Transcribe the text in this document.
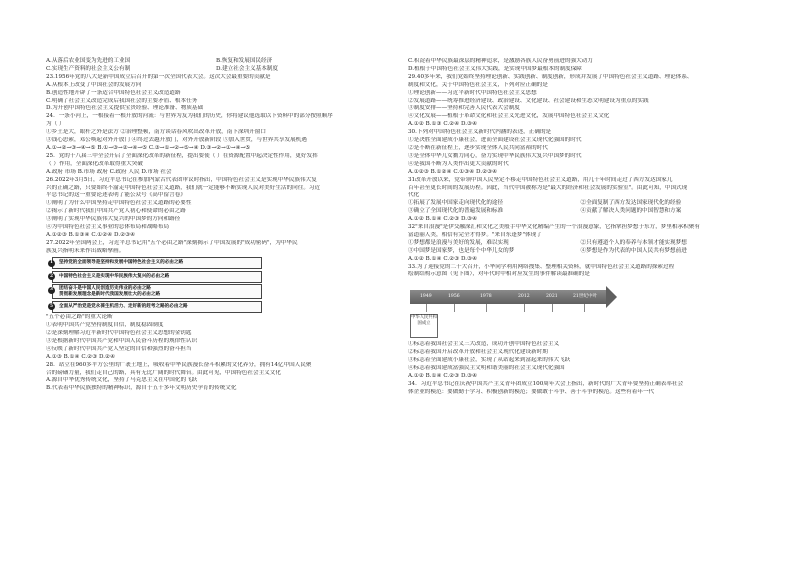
A.从落后农业国变为先进的工业国	B.恢复和发展国民经济
C.实现生产资料的社会主义公有制	D.建立社会主义基本制度
23.1956年党的八大是新中国成立后召开的第一次全国代表大会。这次大会最重要的贡献是
A.从根本上改变了中国社会的发展方向
B.创造性地开辟了一条适合中国特色社会主义改造道路
C.明确了社会主义改造完成后我国社会的主要矛盾、根本任务
D.为开创中国特色社会主义提供宝贵经验、理论准备、物质基础
24．一条小河上，一根接着一根开放的河流：与世界为友为我们的历史，你将建议他选取以下资料中的部分按照顺序
为（ ）
①乡土是大，眼杆之外是法方 ②治理整顿，南方谈话春风吹出改革开放，南下深圳开窗口
③钱心思索，邓公唤起对外开放门 ④终过去越开放门，对外开放新阶段 ⑤加入世贸，与世界共享发展机遇
A.①→②→③→④→⑤ B.①→③→②→④→⑤ C.③→①→②→⑤→④ D.③→②→①→④→⑤
25．党的十八届三中全会开启了全面深化改革的新征程，提出要使（ ）在资源配置中起决定性作用，更好发挥
（ ）作用，全面深化改革取得重大突破
A.政府 市场 B.市场 政府 C.政府 人民 D.市场 社会
26.2022年3月5日，习近平总书记在参加内蒙古代表团审议时指出，中国特色社会主义是实现中华民族伟大复
兴的正确之路，只要始终不渝走中国特色社会主义道路，我们就一定能够不断实现人民对美好生活的向往。习近
平总书记的这一重要论述表明了能公众号《高中留言卷》
①阐明了为什么中国坚持走中国特色社会主义道路的必要性
②揭示了新时代我们中国共产党人初心和使命的必由之路
③阐明了实现中华民族伟大复兴的中国梦的方向和路径
④为中国特色社会主义事业的总体布局和战略布局
A.①②③ B.①③④ C.①②④ D.②③④
27.2022年全国两会上，习近平总书记用"五个必由之路"深刻揭示了中国发展的"成功密码"，为中华民
族复兴指明未来作出战略擘画。
1	坚持党的全面领导是坚持和发展中国特色社会主义的必由之路
2	中国特色社会主义是实现中华民族伟大复兴的必由之路
3	团结奋斗是中国人民创造历史伟业的必由之路
贯彻新发展理念是新时代我国发展壮大的必由之路
5	全面从严治党是党永葆生机活力、走好新的赶考之路的必由之路
"五个必由之路"的重大论断
①表明中国共产党坚持制度自信，制度稳固制度
②是深刻理解习近平新时代中国特色社会主义思想的金钥匙
③是根据新时代中国共产党和中国人民奋斗历程的规律性认识
④反映了新时代中国共产党人坚定的自信和强烈的奋斗担当
A.①③ B.①④ C.②③ D.②④
28．站立在960多平方公里的广袤土地上，吸收着中华民族漫长奋斗积累的文化养分，拥有14亿中国人民聚
合的磅礴力量，我们走自己的路，具有无比广阔的时代舞台。由此可见，中国特色社会主义文化
A.源自中华优秀传统文化，坚持了马克思主义在中国化的飞跃
B.代表着中华民族独特的精神标识，源自于五千多年文明历史孕育的传统文化
C.积淀着中华民族最深层的精神追求，是激励各族人民奋勇前进的强大动力
D.植根于中国特色社会主义伟大实践，是实现中国梦最根本的制度保障
29.40多年来，我们党始终坚持理论创新、实践创新、制度创新，形成并发展了中国特色社会主义道路、理论体系、
制度和文化，关于中国特色社会主义，下列对应正确的是
①理论创新——习近平新时代中国特色社会主义思想
②发展道路——统筹推进经济建设、政治建设、文化建设、社会建设和生态文明建设为重点的实践
③制度安排——坚持和完善人民代表大会制度
④文化发展——植根于革命文化和社会主义先进文化，发展中国特色社会主义文化
A.①② B.①③ C.②④ D.③④
30.下列对中国特色社会主义新时代内涵的表述，正确的是
①是决胜全面建成小康社会，进而全面建设社会主义现代化强国的时代
②是不断在新征程上，逐步实现全体人民共同富裕的时代
③是全体中华儿女勠力同心，奋力实现中华民族伟大复兴中国梦的时代
④是我国不断为人类作出更大贡献的时代
A.①②③ B.①②④ C.①③④ D.②③④
31改革开放以来，党带领中国人民坚定不移走中国特色社会主义道路，用几十年时间走过了西方发达国家几
百年甚至更长时间的发展历程。因此，当代中国被称为是"最大的经济和社会发展的实验室"。由此可知，中国式现
代化
①拓展了发展中国家走向现代化的途径	②全面复制了西方发达国家现代化的经验
③确立了全国现代化的普遍发展和标准	④贡献了解决人类问题的中国智慧和方案
A.①② B.①④ C.②③ D.③④
32"来自浪漫"是伊交融深汇和文化之美般手中华文化精编产生的一个浪漫意象，它指掌担梦想于东方，梦里相承积聚有
富道丽人类，相信有完全才得梦。"来自东逢梦"体现了
①梦想都是浪漫与美好的发展，难以实现	②只有遵道个人的奉养与本领才能实现梦想
③中国梦是国家梦，也是每个中华儿女的梦	④梦想是作为代表的中国人民共有梦想前进
A.①② B.①④ C.②③ D.③④
33.为了迎接党的二十大召开，小华同学利用网络搜集、整理相关资料，就中国特色社会主义道路的探索过程
绘制结构示意图（见下图），对年代时中相对应发生的事件解读最准确的是
1949	1956	1978	2012	2021	21世纪中叶
中华人民共和国成立
①标志着我国社会主义三大改造，成功开创中国特色社会主义
②标志着我国开启改革开放和社会主义现代化建设新时期
③标志着全面建成小康社会，实现了从站起来到富起来的伟大飞跃
④标志着我国建成富强民主文明和谐美丽的社会主义现代化强国
A.①② B.①④ C.②③ D.③④
34．习近平总书记在庆祝中国共产主义青年团成立100周年大会上指出，新时代的广大青年要坚持正确表率社会
体企业的模范：要做勤于学习、积极创新的模范；要做敢于斗争、善于斗争的模范。这些有着年一代
